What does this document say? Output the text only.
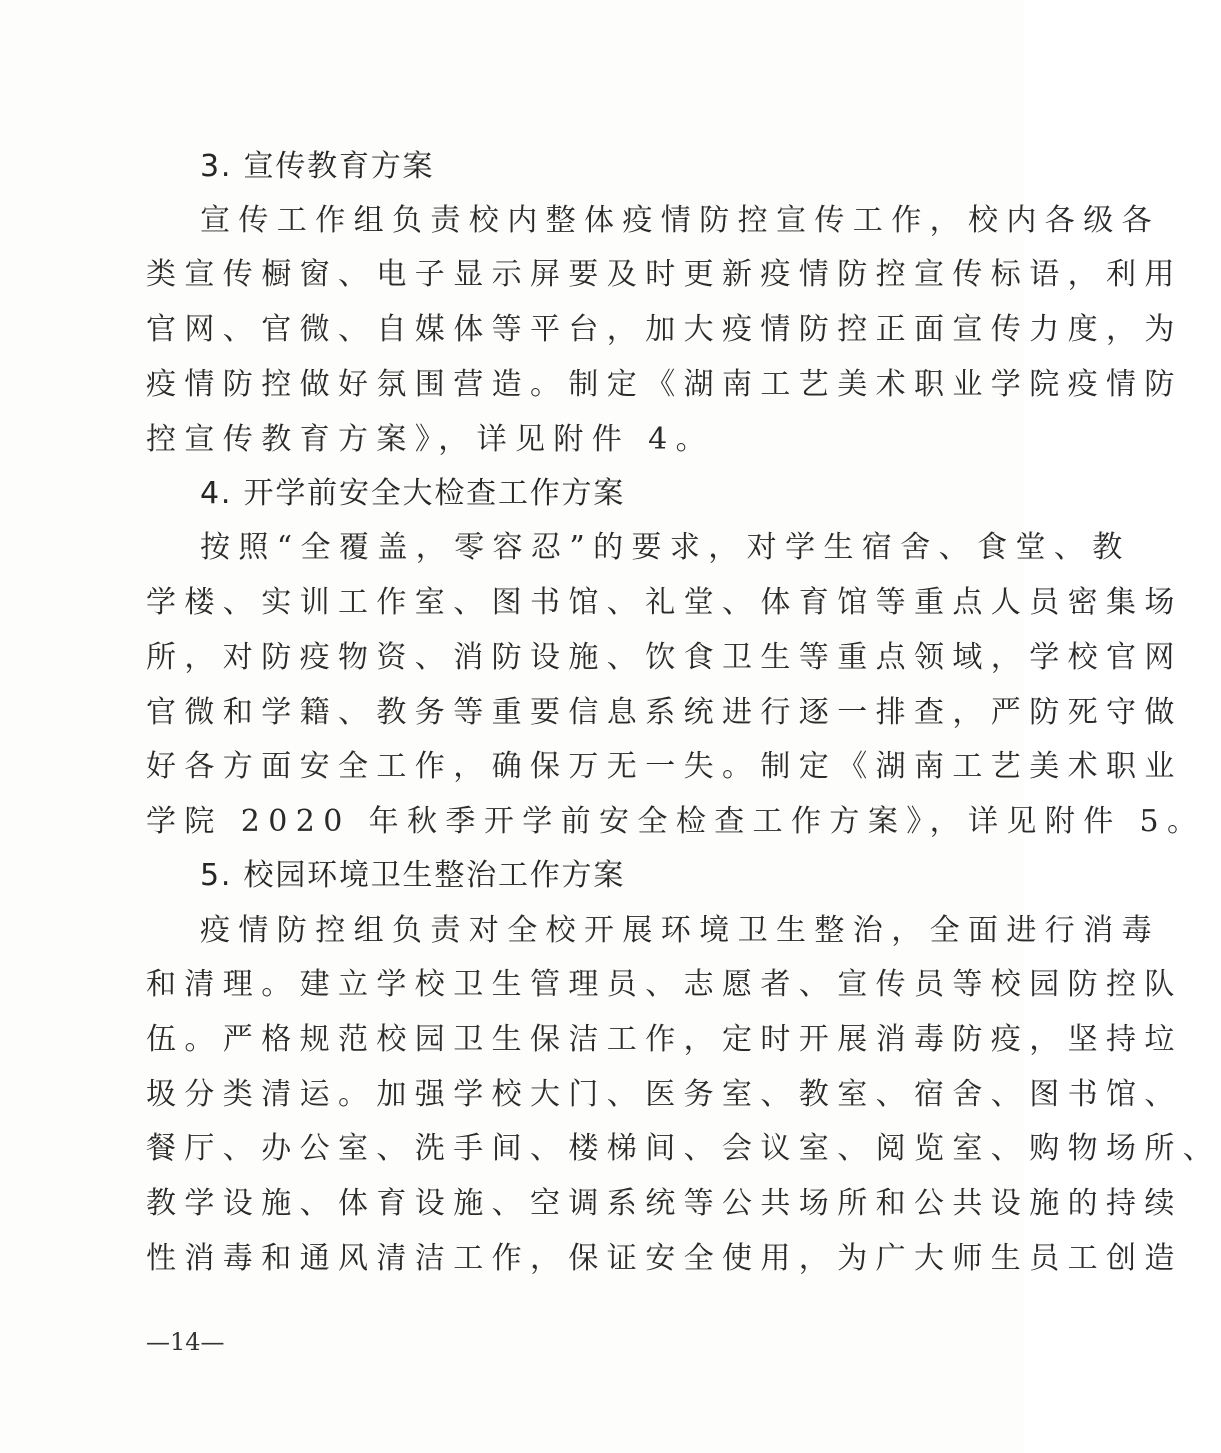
3. 宣传教育方案
宣传工作组负责校内整体疫情防控宣传工作，校内各级各
类宣传橱窗、电子显示屏要及时更新疫情防控宣传标语，利用
官网、官微、自媒体等平台，加大疫情防控正面宣传力度，为
疫情防控做好氛围营造。制定《湖南工艺美术职业学院疫情防
控宣传教育方案》，详见附件 4。
4. 开学前安全大检查工作方案
按照“全覆盖，零容忍”的要求，对学生宿舍、食堂、教
学楼、实训工作室、图书馆、礼堂、体育馆等重点人员密集场
所，对防疫物资、消防设施、饮食卫生等重点领域，学校官网
官微和学籍、教务等重要信息系统进行逐一排查，严防死守做
好各方面安全工作，确保万无一失。制定《湖南工艺美术职业
学院 2020 年秋季开学前安全检查工作方案》，详见附件 5。
5. 校园环境卫生整治工作方案
疫情防控组负责对全校开展环境卫生整治，全面进行消毒
和清理。建立学校卫生管理员、志愿者、宣传员等校园防控队
伍。严格规范校园卫生保洁工作，定时开展消毒防疫，坚持垃
圾分类清运。加强学校大门、医务室、教室、宿舍、图书馆、
餐厅、办公室、洗手间、楼梯间、会议室、阅览室、购物场所、
教学设施、体育设施、空调系统等公共场所和公共设施的持续
性消毒和通风清洁工作，保证安全使用，为广大师生员工创造
—14—
